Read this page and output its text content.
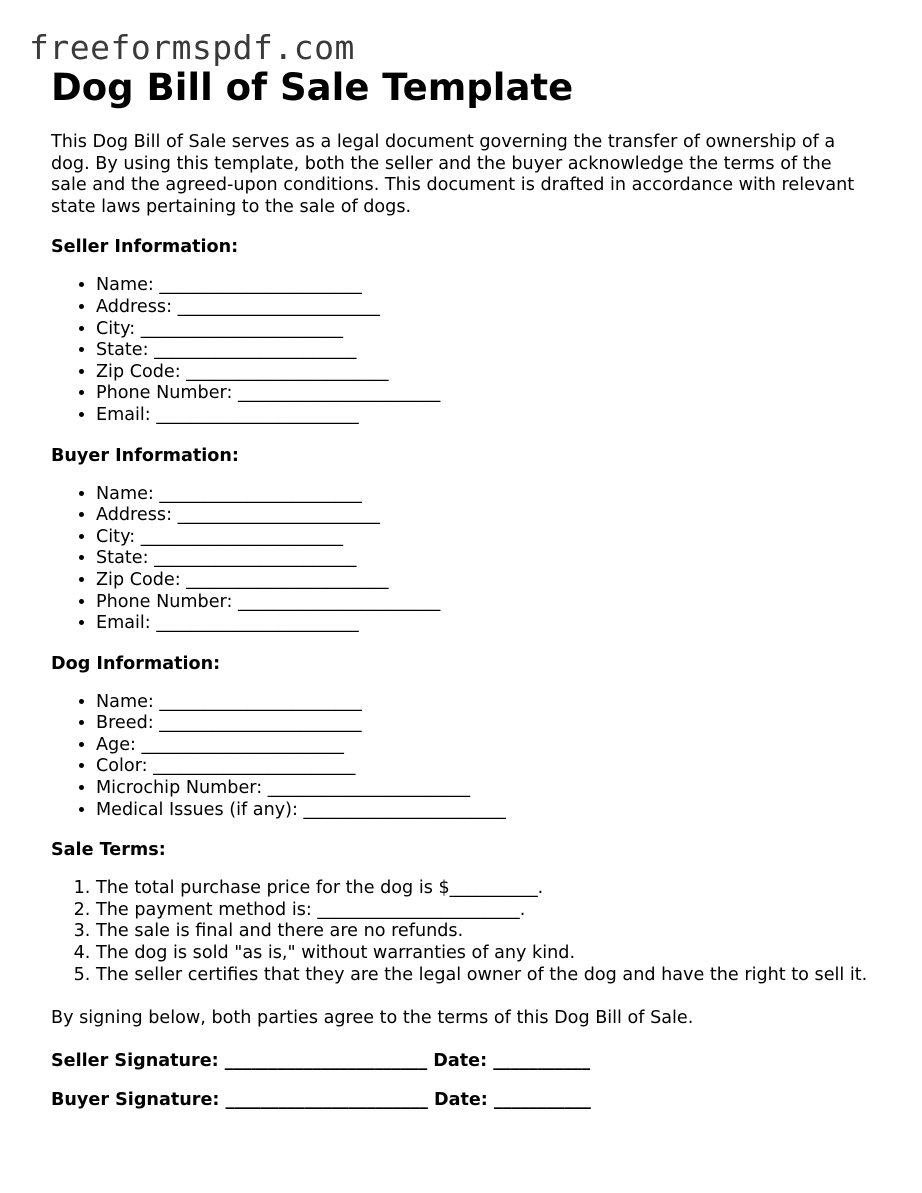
freeformspdf.com
Dog Bill of Sale Template

This Dog Bill of Sale serves as a legal document governing the transfer of ownership of a dog. By using this template, both the seller and the buyer acknowledge the terms of the sale and the agreed-upon conditions. This document is drafted in accordance with relevant state laws pertaining to the sale of dogs.

Seller Information:
• Name: _______________________
• Address: _______________________
• City: _______________________
• State: _______________________
• Zip Code: _______________________
• Phone Number: _______________________
• Email: _______________________
Buyer Information:
• Name: _______________________
• Address: _______________________
• City: _______________________
• State: _______________________
• Zip Code: _______________________
• Phone Number: _______________________
• Email: _______________________
Dog Information:
• Name: _______________________
• Breed: _______________________
• Age: _______________________
• Color: _______________________
• Microchip Number: _______________________
• Medical Issues (if any): _______________________
Sale Terms:
1. The total purchase price for the dog is $__________.
2. The payment method is: _______________________.
3. The sale is final and there are no refunds.
4. The dog is sold "as is," without warranties of any kind.
5. The seller certifies that they are the legal owner of the dog and have the right to sell it.

By signing below, both parties agree to the terms of this Dog Bill of Sale.

Seller Signature: _______________________ Date: ___________

Buyer Signature: _______________________ Date: ___________
